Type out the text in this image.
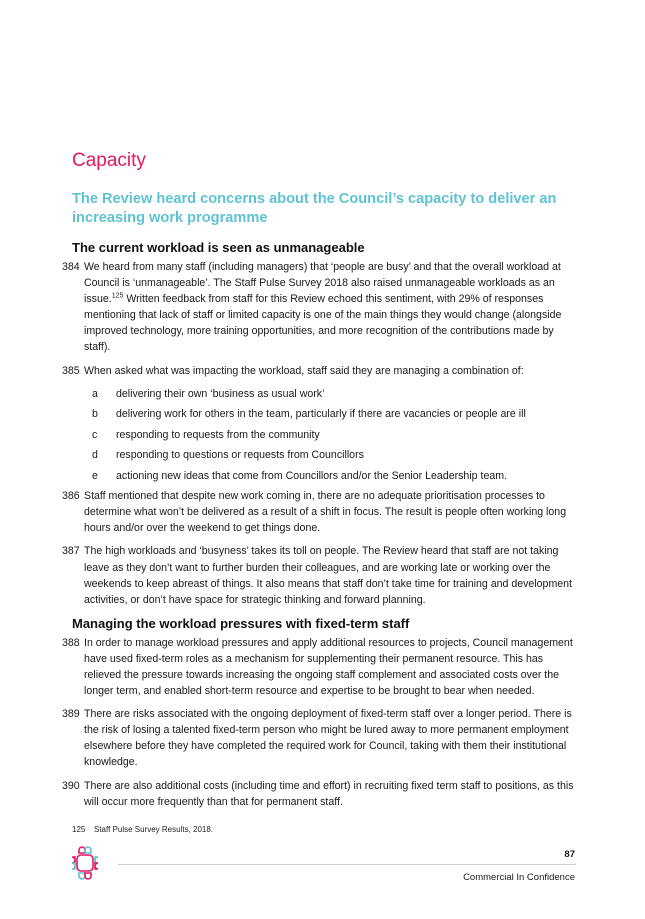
Capacity
The Review heard concerns about the Council’s capacity to deliver an increasing work programme
The current workload is seen as unmanageable
384 We heard from many staff (including managers) that ‘people are busy’ and that the overall workload at Council is ‘unmanageable’. The Staff Pulse Survey 2018 also raised unmanageable workloads as an issue.$^{125}$ Written feedback from staff for this Review echoed this sentiment, with 29% of responses mentioning that lack of staff or limited capacity is one of the main things they would change (alongside improved technology, more training opportunities, and more recognition of the contributions made by staff).
385 When asked what was impacting the workload, staff said they are managing a combination of:
a	delivering their own ‘business as usual work’
b	delivering work for others in the team, particularly if there are vacancies or people are ill
c	responding to requests from the community
d	responding to questions or requests from Councillors
e	actioning new ideas that come from Councillors and/or the Senior Leadership team.
386 Staff mentioned that despite new work coming in, there are no adequate prioritisation processes to determine what won’t be delivered as a result of a shift in focus. The result is people often working long hours and/or over the weekend to get things done.
387 The high workloads and ‘busyness’ takes its toll on people. The Review heard that staff are not taking leave as they don’t want to further burden their colleagues, and are working late or working over the weekends to keep abreast of things. It also means that staff don’t take time for training and development activities, or don’t have space for strategic thinking and forward planning.
Managing the workload pressures with fixed-term staff
388 In order to manage workload pressures and apply additional resources to projects, Council management have used fixed-term roles as a mechanism for supplementing their permanent resource. This has relieved the pressure towards increasing the ongoing staff complement and associated costs over the longer term, and enabled short-term resource and expertise to be brought to bear when needed.
389 There are risks associated with the ongoing deployment of fixed-term staff over a longer period. There is the risk of losing a talented fixed-term person who might be lured away to more permanent employment elsewhere before they have completed the required work for Council, taking with them their institutional knowledge.
390 There are also additional costs (including time and effort) in recruiting fixed term staff to positions, as this will occur more frequently than that for permanent staff.
125	Staff Pulse Survey Results, 2018.
87
Commercial In Confidence
